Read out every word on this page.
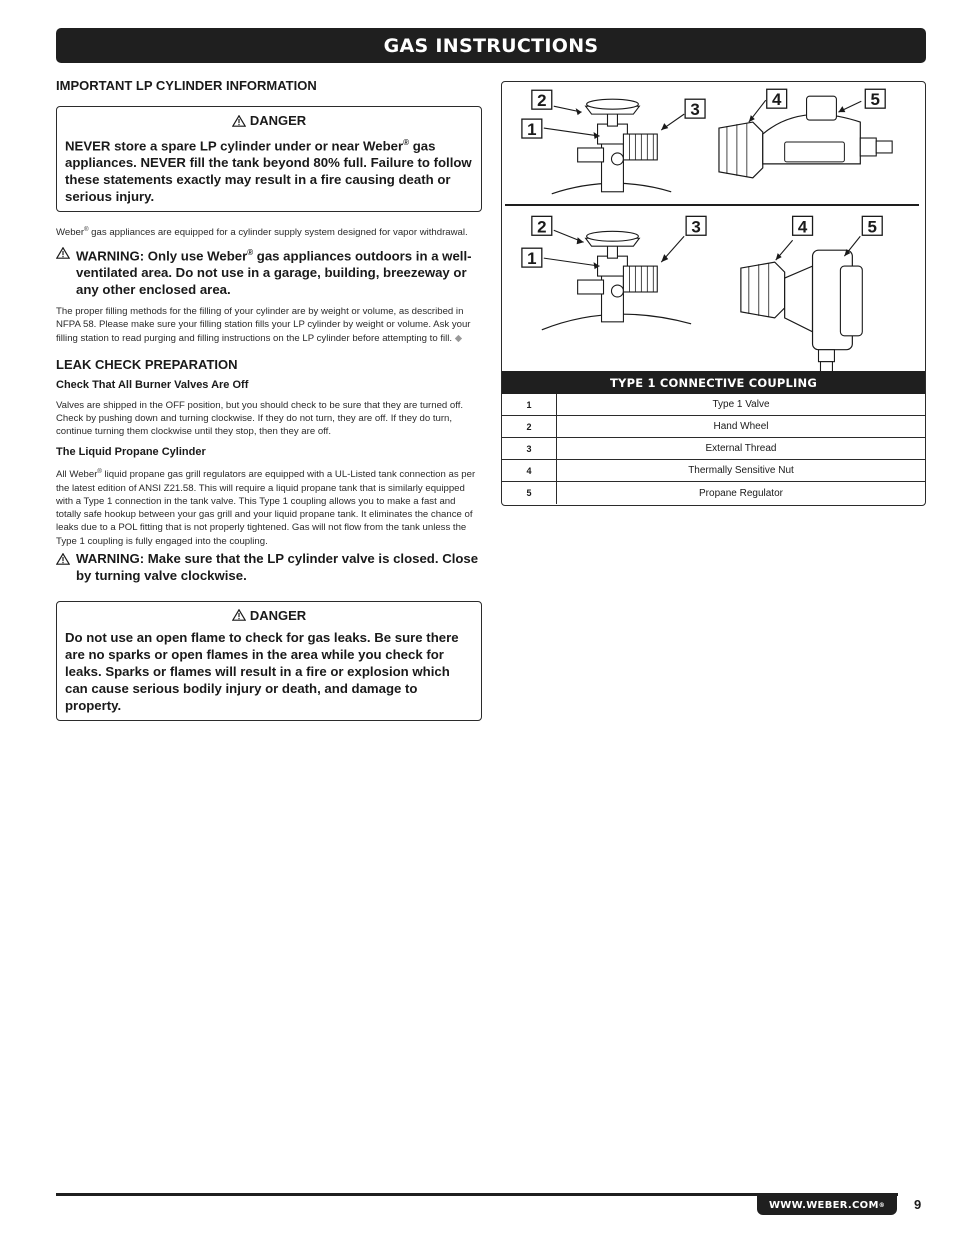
GAS INSTRUCTIONS
IMPORTANT LP CYLINDER INFORMATION
DANGER
NEVER store a spare LP cylinder under or near Weber® gas appliances. NEVER fill the tank beyond 80% full. Failure to follow these statements exactly may result in a fire causing death or serious injury.
Weber® gas appliances are equipped for a cylinder supply system designed for vapor withdrawal.
WARNING: Only use Weber® gas appliances outdoors in a well-ventilated area. Do not use in a garage, building, breezeway or any other enclosed area.
The proper filling methods for the filling of your cylinder are by weight or volume, as described in NFPA 58. Please make sure your filling station fills your LP cylinder by weight or volume. Ask your filling station to read purging and filling instructions on the LP cylinder before attempting to fill. ◆
LEAK CHECK PREPARATION
Check That All Burner Valves Are Off
Valves are shipped in the OFF position, but you should check to be sure that they are turned off. Check by pushing down and turning clockwise. If they do not turn, they are off. If they do turn, continue turning them clockwise until they stop, then they are off.
The Liquid Propane Cylinder
All Weber® liquid propane gas grill regulators are equipped with a UL-Listed tank connection as per the latest edition of ANSI Z21.58. This will require a liquid propane tank that is similarly equipped with a Type 1 connection in the tank valve. This Type 1 coupling allows you to make a fast and totally safe hookup between your gas grill and your liquid propane tank. It eliminates the chance of leaks due to a POL fitting that is not properly tightened. Gas will not flow from the tank unless the Type 1 coupling is fully engaged into the coupling.
WARNING: Make sure that the LP cylinder valve is closed. Close by turning valve clockwise.
DANGER
Do not use an open flame to check for gas leaks. Be sure there are no sparks or open flames in the area while you check for leaks. Sparks or flames will result in a fire or explosion which can cause serious bodily injury or death, and damage to property.
2
1
3
4	5
2
1
3	4	5
TYPE 1 CONNECTIVE COUPLING
1	Type 1 Valve
2	Hand Wheel
3	External Thread
4	Thermally Sensitive Nut
5	Propane Regulator
WWW.WEBER.COM ® 9
